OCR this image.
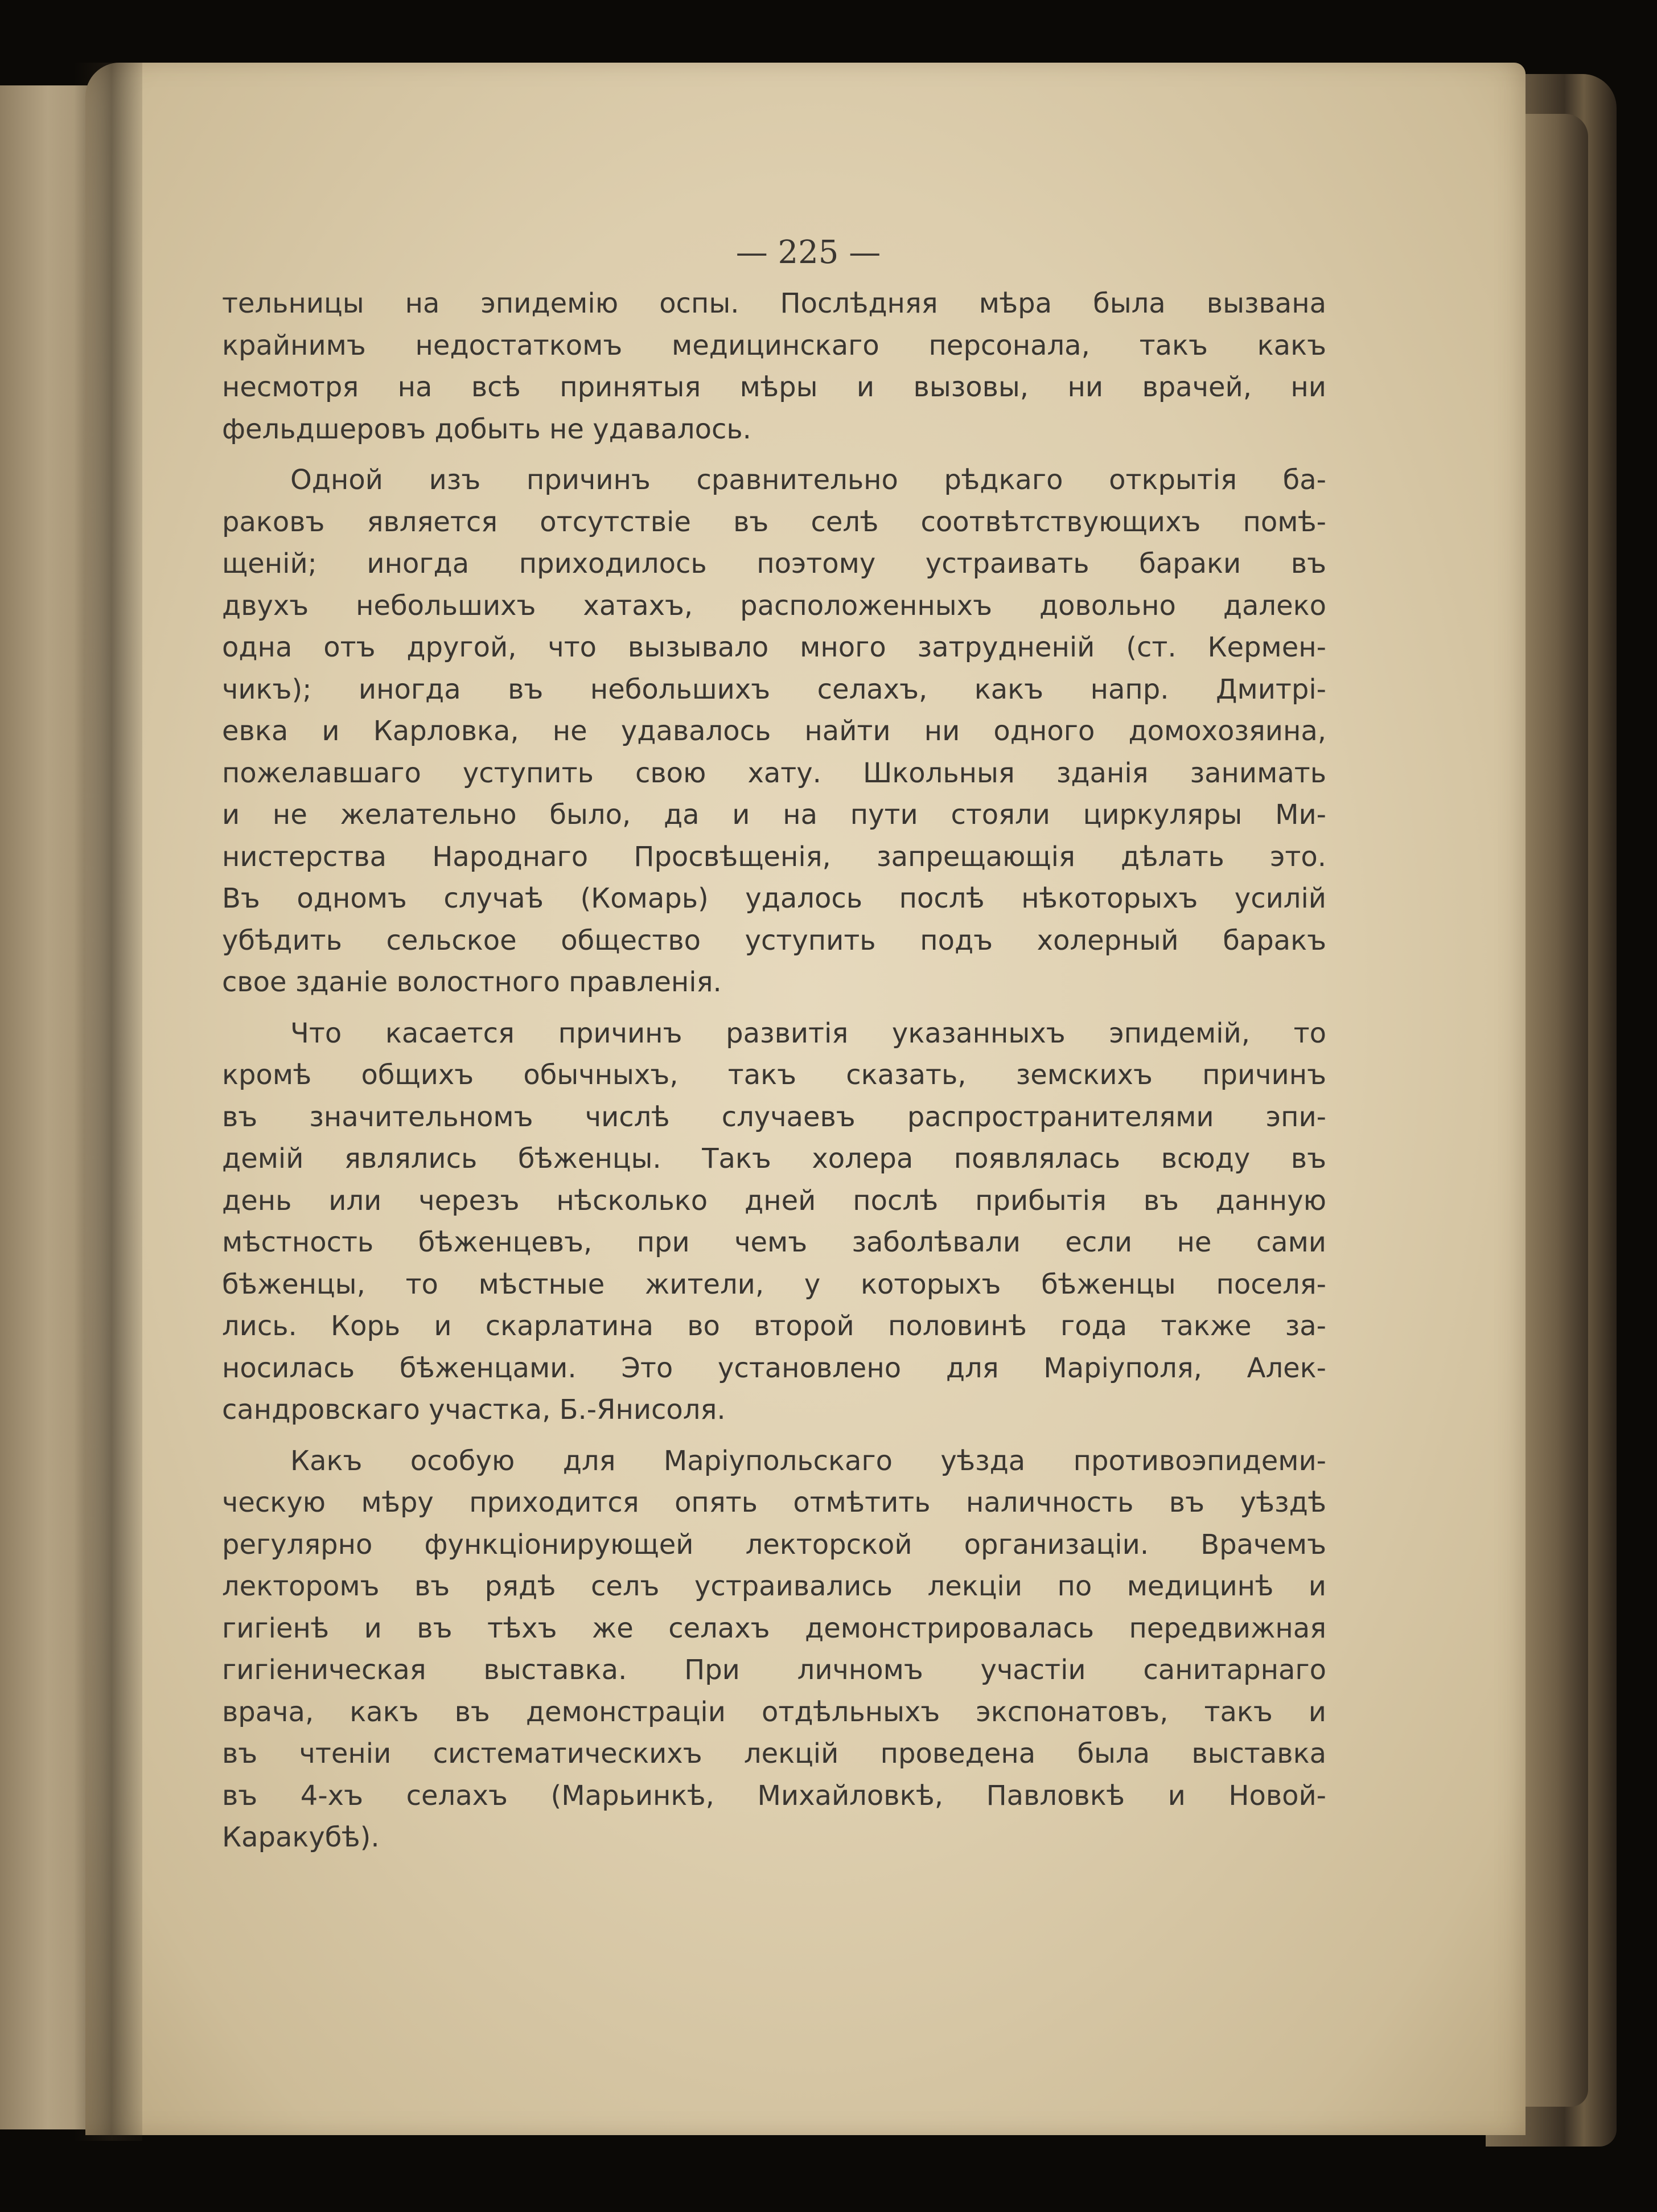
— 225 —

тельницы на эпидемію оспы. Послѣдняя мѣра была вызвана

крайнимъ недостаткомъ медицинскаго персонала, такъ какъ

несмотря на всѣ принятыя мѣры и вызовы, ни врачей, ни

фельдшеровъ добыть не удавалось.

Одной изъ причинъ сравнительно рѣдкаго открытія ба-

раковъ является отсутствіе въ селѣ соотвѣтствующихъ помѣ-

щеній; иногда приходилось поэтому устраивать бараки въ

двухъ небольшихъ хатахъ, расположенныхъ довольно далеко

одна отъ другой, что вызывало много затрудненій (ст. Кермен-

чикъ); иногда въ небольшихъ селахъ, какъ напр. Дмитрі-

евка и Карловка, не удавалось найти ни одного домохозяина,

пожелавшаго уступить свою хату. Школьныя зданія занимать

и не желательно было, да и на пути стояли циркуляры Ми-

нистерства Народнаго Просвѣщенія, запрещающія дѣлать это.

Въ одномъ случаѣ (Комарь) удалось послѣ нѣкоторыхъ усилій

убѣдить сельское общество уступить подъ холерный баракъ

свое зданіе волостного правленія.

Что касается причинъ развитія указанныхъ эпидемій, то

кромѣ общихъ обычныхъ, такъ сказать, земскихъ причинъ

въ значительномъ числѣ случаевъ распространителями эпи-

демій являлись бѣженцы. Такъ холера появлялась всюду въ

день или черезъ нѣсколько дней послѣ прибытія въ данную

мѣстность бѣженцевъ, при чемъ заболѣвали если не сами

бѣженцы, то мѣстные жители, у которыхъ бѣженцы поселя-

лись. Корь и скарлатина во второй половинѣ года также за-

носилась бѣженцами. Это установлено для Маріуполя, Алек-

сандровскаго участка, Б.-Янисоля.

Какъ особую для Маріупольскаго уѣзда противоэпидеми-

ческую мѣру приходится опять отмѣтить наличность въ уѣздѣ

регулярно функціонирующей лекторской организаціи. Врачемъ

лекторомъ въ рядѣ селъ устраивались лекціи по медицинѣ и

гигіенѣ и въ тѣхъ же селахъ демонстрировалась передвижная

гигіеническая выставка. При личномъ участіи санитарнаго

врача, какъ въ демонстраціи отдѣльныхъ экспонатовъ, такъ и

въ чтеніи систематическихъ лекцій проведена была выставка

въ 4-хъ селахъ (Марьинкѣ, Михайловкѣ, Павловкѣ и Новой-

Каракубѣ).
